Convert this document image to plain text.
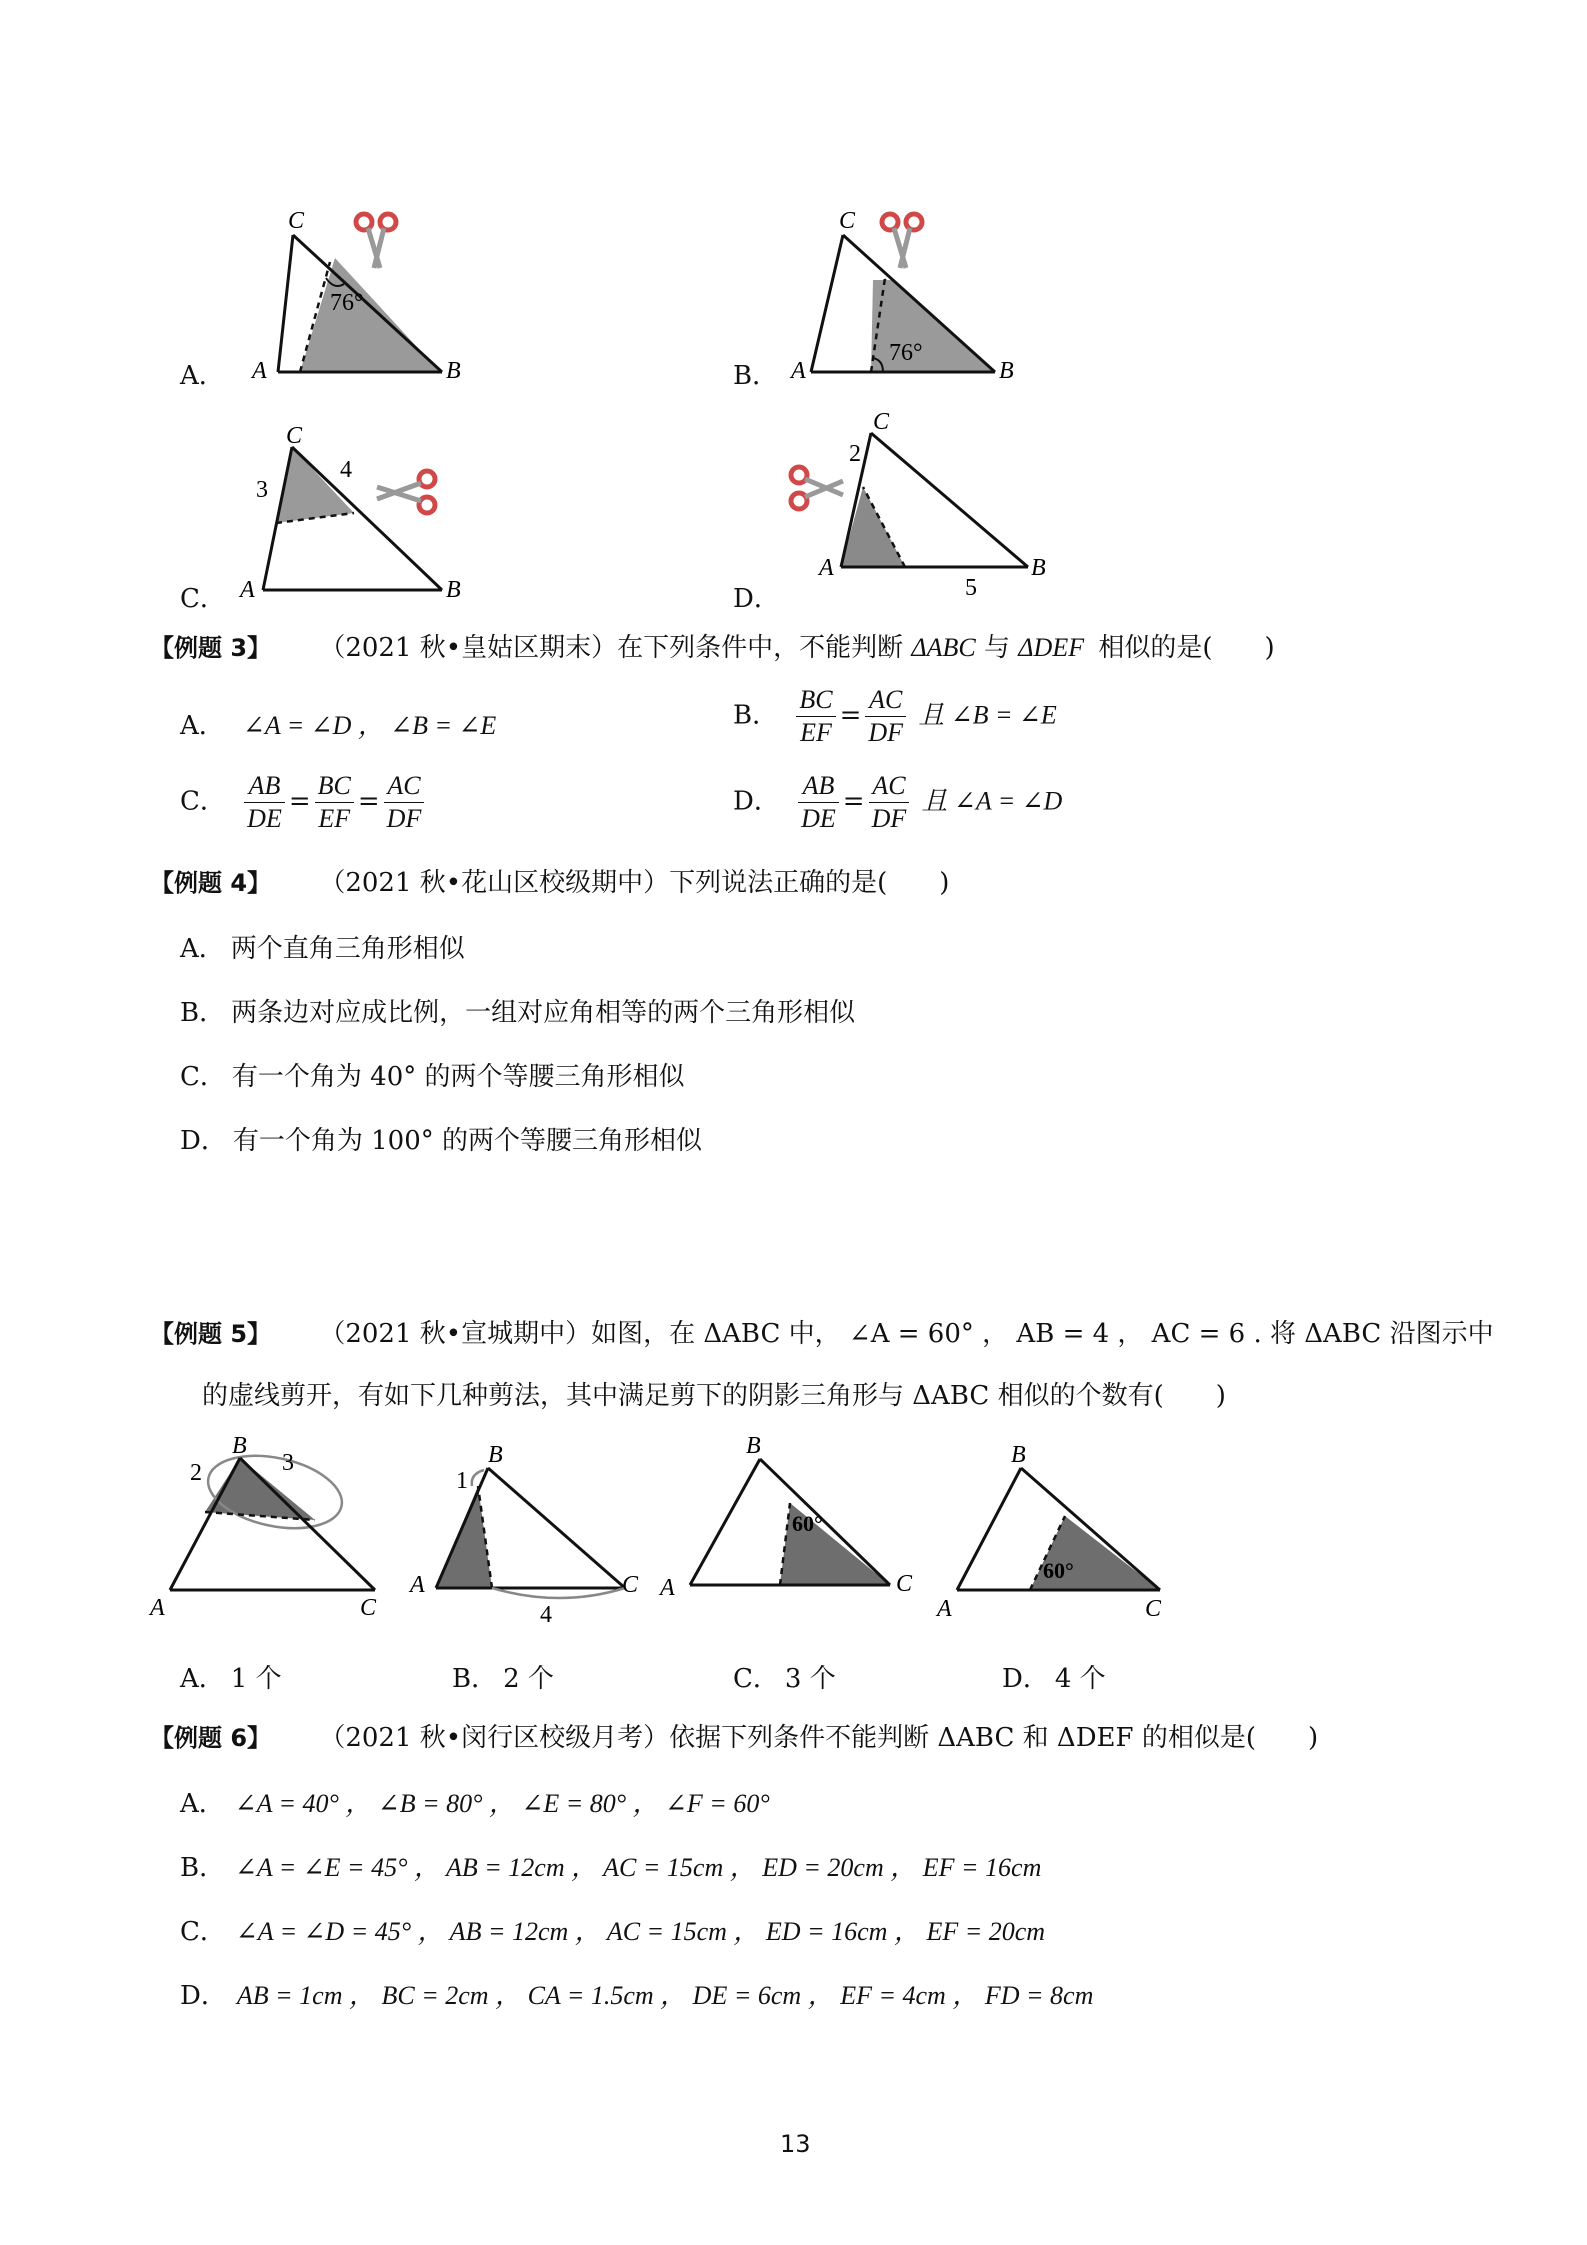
A．
76°
A	B
C
B．
76°
A	B
C
C．
3
4
A	B
C
D．
2
5
A	B
C
【例题 3】 （2021 秋•皇姑区期末）在下列条件中，不能判断 ΔABC 与 ΔDEF 相似的是(　　)
A． ∠A = ∠D ， ∠B = ∠E	B． $\frac{BC}{EF} = \frac{AC}{DF}$ 且 ∠B = ∠E
C． $\frac{AB}{DE} = \frac{BC}{EF} = \frac{AC}{DF}$	D． $\frac{AB}{DE} = \frac{AC}{DF}$ 且 ∠A = ∠D
【例题 4】 （2021 秋•花山区校级期中）下列说法正确的是(　　)
A． 两个直角三角形相似
B． 两条边对应成比例，一组对应角相等的两个三角形相似
C． 有一个角为 40° 的两个等腰三角形相似
D． 有一个角为 100° 的两个等腰三角形相似
【例题 5】 （2021 秋•宣城期中）如图，在 ΔABC 中， ∠A = 60° ， AB = 4 ， AC = 6 . 将 ΔABC 沿图示中
的虚线剪开，有如下几种剪法，其中满足剪下的阴影三角形与 ΔABC 相似的个数有(　　)
2	3
A	C
B
1
4
A	C
B
60°
A	C
B
60°
A	C
B
A． 1 个	B． 2 个	C． 3 个	D． 4 个
【例题 6】 （2021 秋•闵行区校级月考）依据下列条件不能判断 ΔABC 和 ΔDEF 的相似是(　　)
A． ∠A = 40° ， ∠B = 80° ， ∠E = 80° ， ∠F = 60°
B． ∠A = ∠E = 45° ， AB = 12cm ， AC = 15cm ， ED = 20cm ， EF = 16cm
C． ∠A = ∠D = 45° ， AB = 12cm ， AC = 15cm ， ED = 16cm ， EF = 20cm
D． AB = 1cm ， BC = 2cm ， CA = 1.5cm ， DE = 6cm ， EF = 4cm ， FD = 8cm
13
